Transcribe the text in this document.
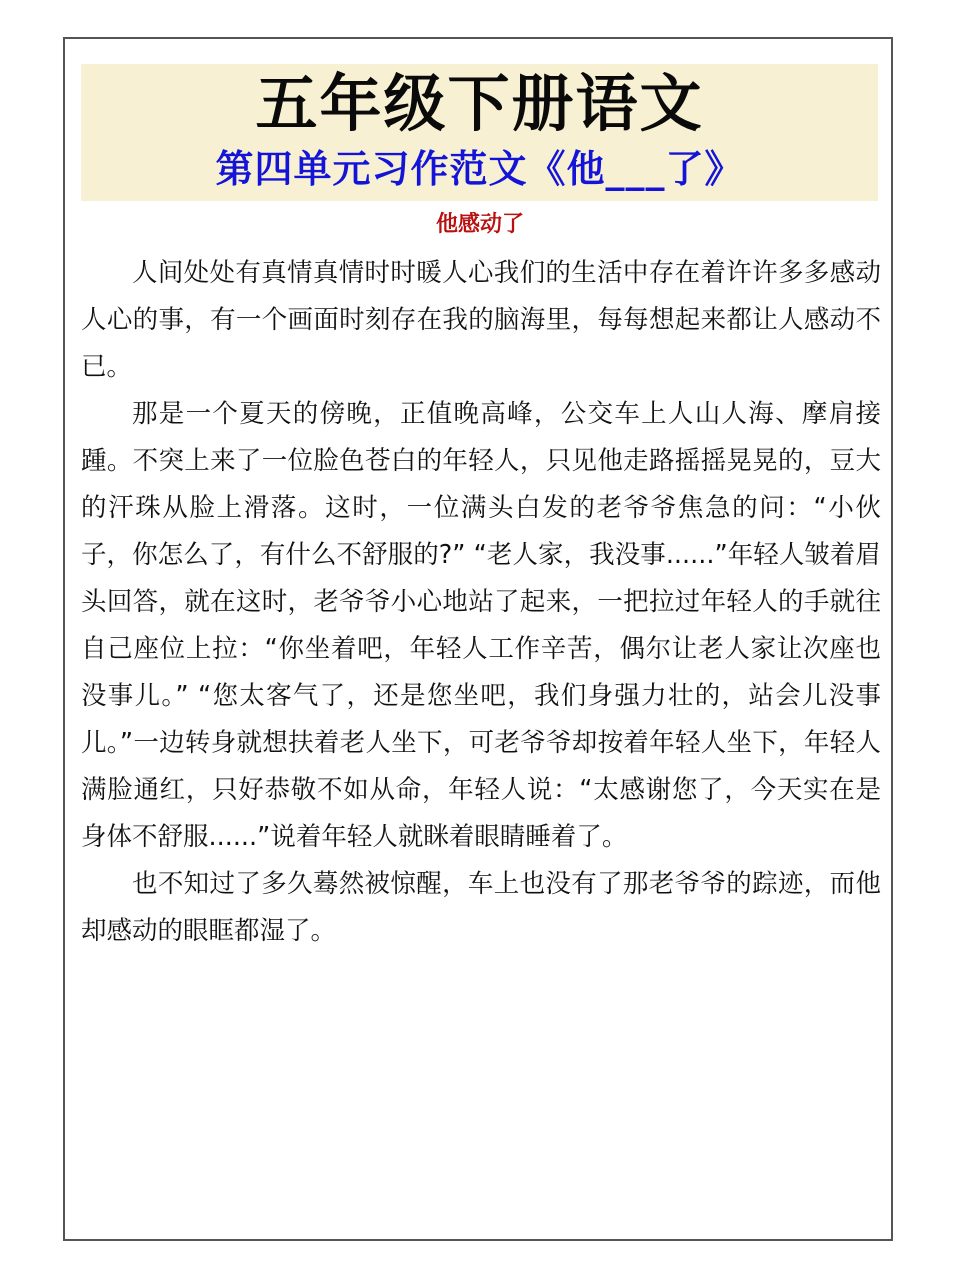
五年级下册语文
第四单元习作范文《他___了》
他感动了

人间处处有真情真情时时暖人心我们的生活中存在着许许多多感动人心的事，有一个画面时刻存在我的脑海里，每每想起来都让人感动不已。

那是一个夏天的傍晚，正值晚高峰，公交车上人山人海、摩肩接踵。不突上来了一位脸色苍白的年轻人，只见他走路摇摇晃晃的，豆大的汗珠从脸上滑落。这时，一位满头白发的老爷爷焦急的问：“小伙子，你怎么了，有什么不舒服的?” “老人家，我没事......”年轻人皱着眉头回答，就在这时，老爷爷小心地站了起来，一把拉过年轻人的手就往自己座位上拉：“你坐着吧，年轻人工作辛苦，偶尔让老人家让次座也没事儿。” “您太客气了，还是您坐吧，我们身强力壮的，站会儿没事儿。”一边转身就想扶着老人坐下，可老爷爷却按着年轻人坐下，年轻人满脸通红，只好恭敬不如从命，年轻人说：“太感谢您了，今天实在是身体不舒服......”说着年轻人就眯着眼睛睡着了。

也不知过了多久蓦然被惊醒，车上也没有了那老爷爷的踪迹，而他却感动的眼眶都湿了。
